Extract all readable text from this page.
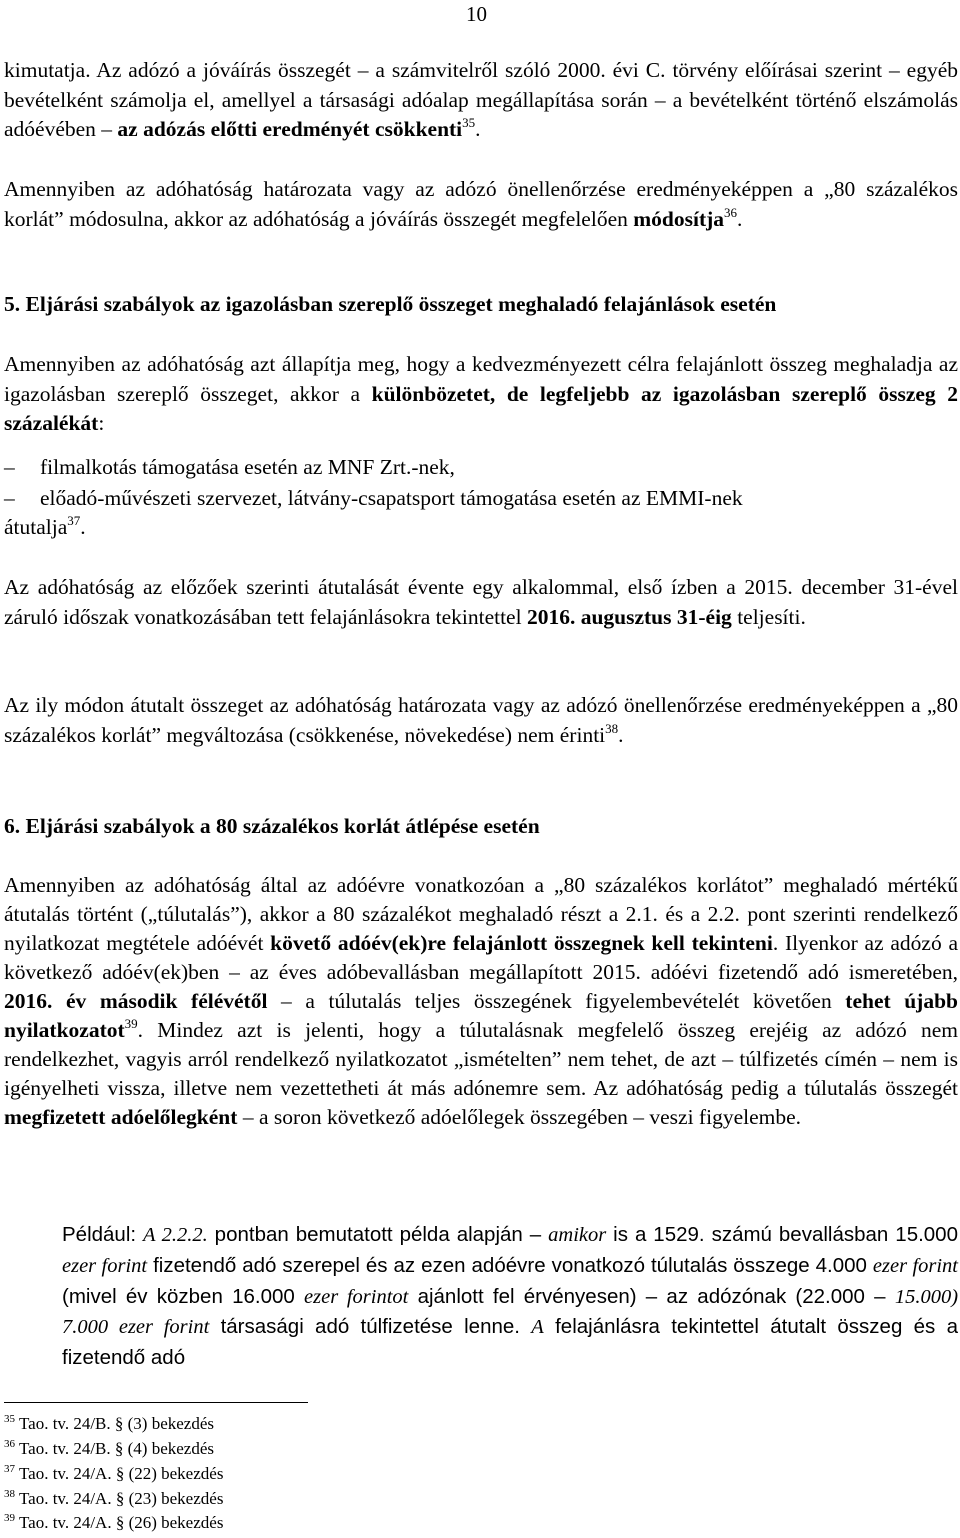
10
kimutatja. Az adózó a jóváírás összegét – a számvitelről szóló 2000. évi C. törvény előírásai szerint – egyéb bevételként számolja el, amellyel a társasági adóalap megállapítása során – a bevételként történő elszámolás adóévében – az adózás előtti eredményét csökkenti$^{35}$.
Amennyiben az adóhatóság határozata vagy az adózó önellenőrzése eredményeképpen a „80 százalékos korlát” módosulna, akkor az adóhatóság a jóváírás összegét megfelelően módosítja$^{36}$.
5. Eljárási szabályok az igazolásban szereplő összeget meghaladó felajánlások esetén
Amennyiben az adóhatóság azt állapítja meg, hogy a kedvezményezett célra felajánlott összeg meghaladja az igazolásban szereplő összeget, akkor a különbözetet, de legfeljebb az igazolásban szereplő összeg 2 százalékát:
– filmalkotás támogatása esetén az MNF Zrt.-nek,
– előadó-művészeti szervezet, látvány-csapatsport támogatása esetén az EMMI-nek
átutalja$^{37}$.
Az adóhatóság az előzőek szerinti átutalását évente egy alkalommal, első ízben a 2015. december 31-ével záruló időszak vonatkozásában tett felajánlásokra tekintettel 2016. augusztus 31-éig teljesíti.
Az ily módon átutalt összeget az adóhatóság határozata vagy az adózó önellenőrzése eredményeképpen a „80 százalékos korlát” megváltozása (csökkenése, növekedése) nem érinti$^{38}$.
6. Eljárási szabályok a 80 százalékos korlát átlépése esetén
Amennyiben az adóhatóság által az adóévre vonatkozóan a „80 százalékos korlátot” meghaladó mértékű átutalás történt („túlutalás”), akkor a 80 százalékot meghaladó részt a 2.1. és a 2.2. pont szerinti rendelkező nyilatkozat megtétele adóévét követő adóév(ek)re felajánlott összegnek kell tekinteni. Ilyenkor az adózó a következő adóév(ek)ben – az éves adóbevallásban megállapított 2015. adóévi fizetendő adó ismeretében, 2016. év második félévétől – a túlutalás teljes összegének figyelembevételét követően tehet újabb nyilatkozatot$^{39}$. Mindez azt is jelenti, hogy a túlutalásnak megfelelő összeg erejéig az adózó nem rendelkezhet, vagyis arról rendelkező nyilatkozatot „ismételten” nem tehet, de azt – túlfizetés címén – nem is igényelheti vissza, illetve nem vezettetheti át más adónemre sem. Az adóhatóság pedig a túlutalás összegét megfizetett adóelőlegként – a soron következő adóelőlegek összegében – veszi figyelembe.
Például: A 2.2.2. pontban bemutatott példa alapján – amikor is a 1529. számú bevallásban 15.000 ezer forint fizetendő adó szerepel és az ezen adóévre vonatkozó túlutalás összege 4.000 ezer forint (mivel év közben 16.000 ezer forintot ajánlott fel érvényesen) – az adózónak (22.000 – 15.000) 7.000 ezer forint társasági adó túlfizetése lenne. A felajánlásra tekintettel átutalt összeg és a fizetendő adó
$^{35}$ Tao. tv. 24/B. § (3) bekezdés
$^{36}$ Tao. tv. 24/B. § (4) bekezdés
$^{37}$ Tao. tv. 24/A. § (22) bekezdés
$^{38}$ Tao. tv. 24/A. § (23) bekezdés
$^{39}$ Tao. tv. 24/A. § (26) bekezdés
